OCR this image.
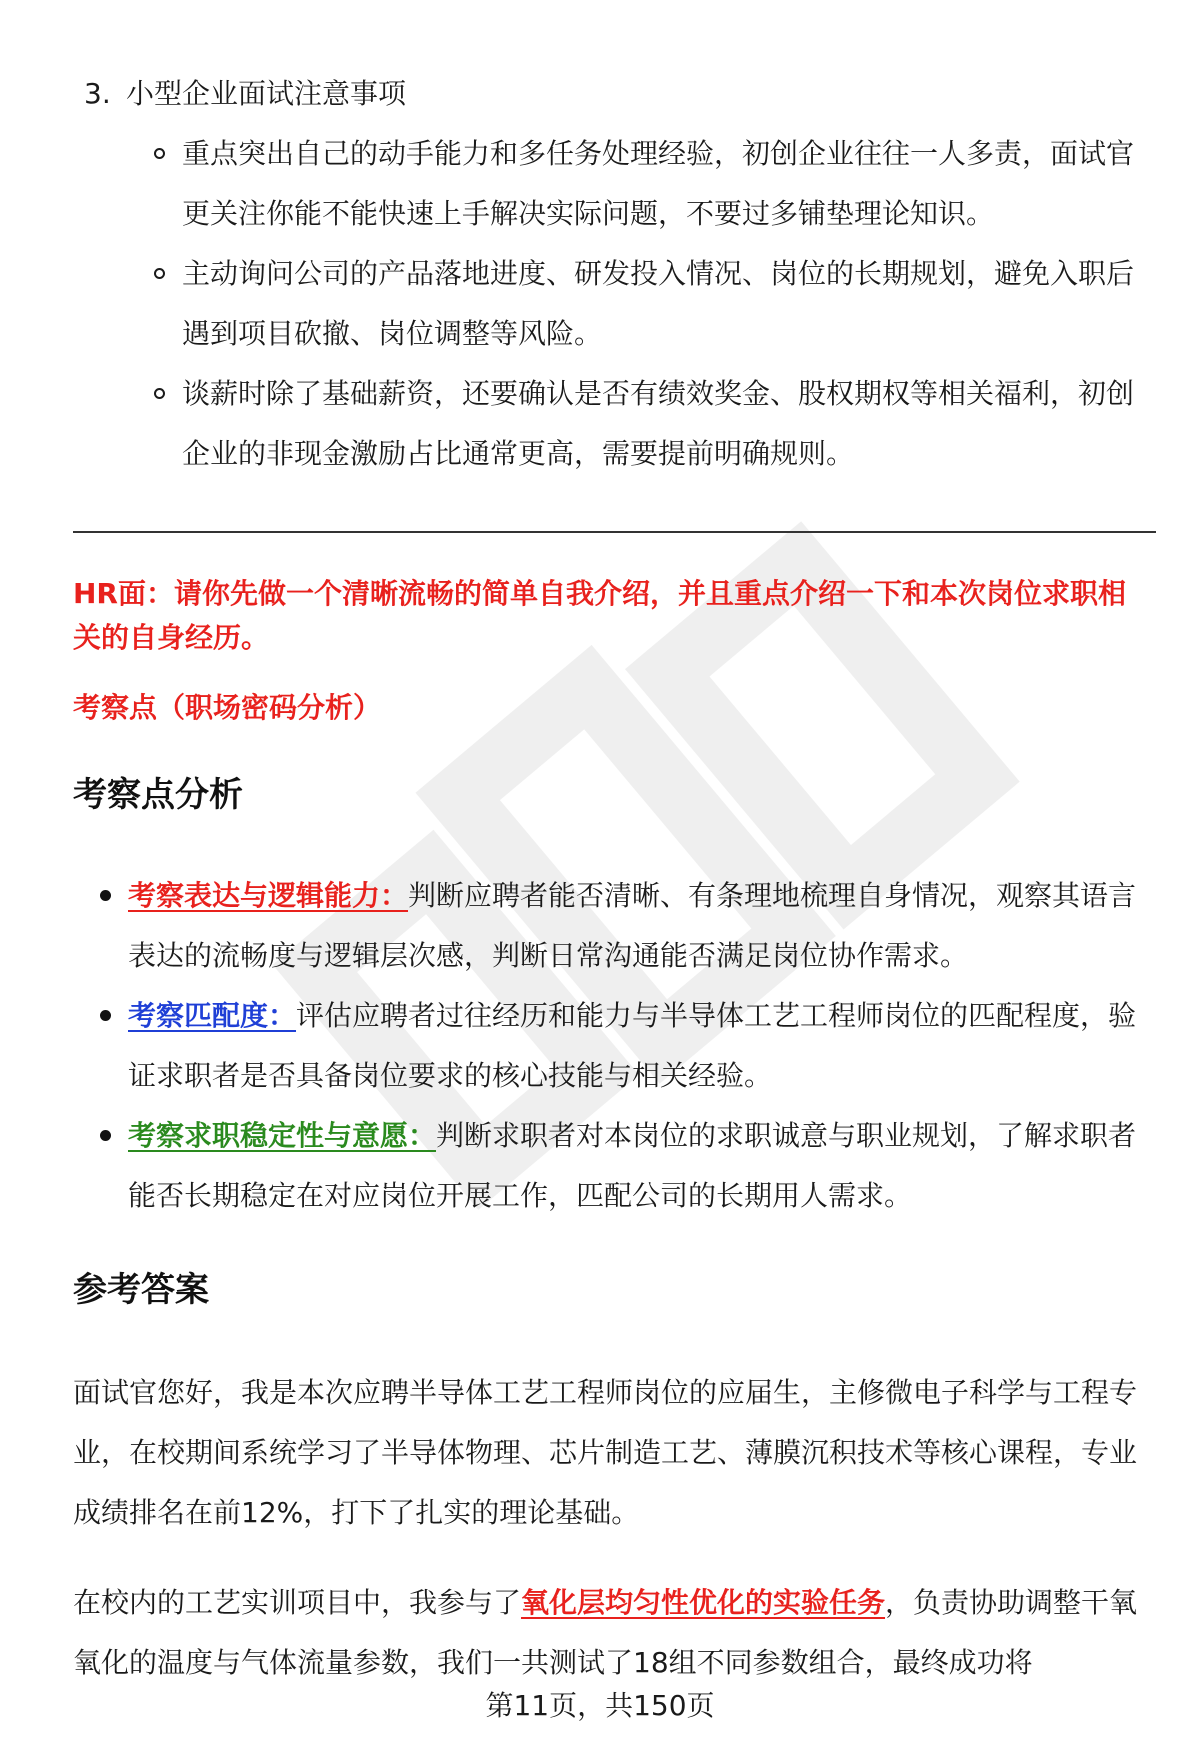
3. 小型企业面试注意事项
重点突出自己的动手能力和多任务处理经验，初创企业往往一人多责，面试官更关注你能不能快速上手解决实际问题，不要过多铺垫理论知识。
主动询问公司的产品落地进度、研发投入情况、岗位的长期规划，避免入职后遇到项目砍撤、岗位调整等风险。
谈薪时除了基础薪资，还要确认是否有绩效奖金、股权期权等相关福利，初创企业的非现金激励占比通常更高，需要提前明确规则。
HR面：请你先做一个清晰流畅的简单自我介绍，并且重点介绍一下和本次岗位求职相关的自身经历。
考察点（职场密码分析）
考察点分析
考察表达与逻辑能力：判断应聘者能否清晰、有条理地梳理自身情况，观察其语言表达的流畅度与逻辑层次感，判断日常沟通能否满足岗位协作需求。
考察匹配度：评估应聘者过往经历和能力与半导体工艺工程师岗位的匹配程度，验证求职者是否具备岗位要求的核心技能与相关经验。
考察求职稳定性与意愿：判断求职者对本岗位的求职诚意与职业规划，了解求职者能否长期稳定在对应岗位开展工作，匹配公司的长期用人需求。
参考答案

面试官您好，我是本次应聘半导体工艺工程师岗位的应届生，主修微电子科学与工程专业，在校期间系统学习了半导体物理、芯片制造工艺、薄膜沉积技术等核心课程，专业成绩排名在前12%，打下了扎实的理论基础。

在校内的工艺实训项目中，我参与了氧化层均匀性优化的实验任务，负责协助调整干氧氧化的温度与气体流量参数，我们一共测试了18组不同参数组合，最终成功将

第11页，共150页
